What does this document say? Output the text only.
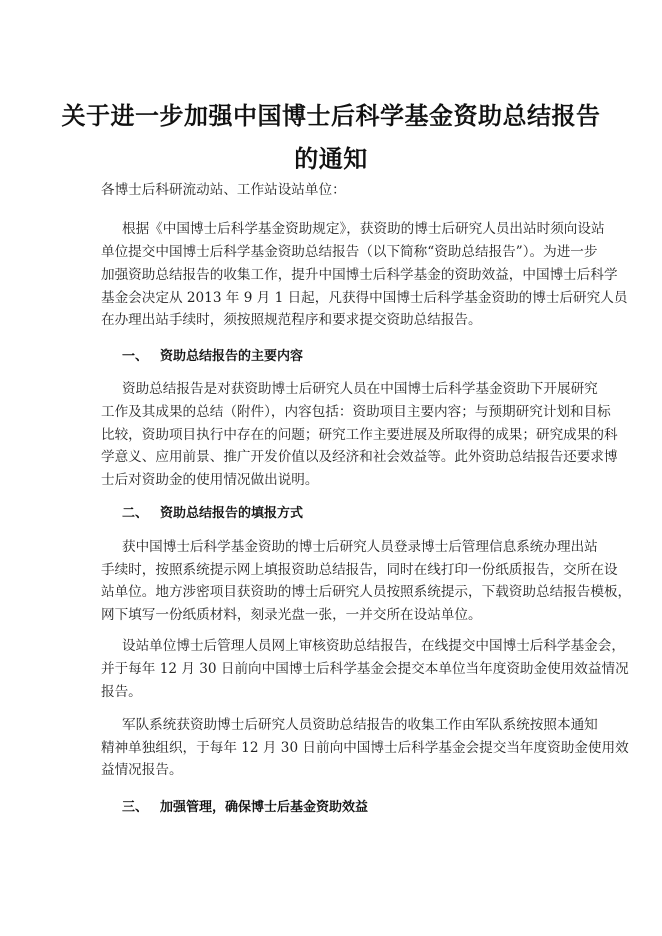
关于进一步加强中国博士后科学基金资助总结报告
的通知
各博士后科研流动站、工作站设站单位：
根据《中国博士后科学基金资助规定》，获资助的博士后研究人员出站时须向设站
单位提交中国博士后科学基金资助总结报告（以下简称“资助总结报告”）。为进一步
加强资助总结报告的收集工作，提升中国博士后科学基金的资助效益，中国博士后科学
基金会决定从 2013 年 9 月 1 日起，凡获得中国博士后科学基金资助的博士后研究人员
在办理出站手续时，须按照规范程序和要求提交资助总结报告。
一、 资助总结报告的主要内容
资助总结报告是对获资助博士后研究人员在中国博士后科学基金资助下开展研究
工作及其成果的总结（附件），内容包括：资助项目主要内容；与预期研究计划和目标
比较，资助项目执行中存在的问题；研究工作主要进展及所取得的成果；研究成果的科
学意义、应用前景、推广开发价值以及经济和社会效益等。此外资助总结报告还要求博
士后对资助金的使用情况做出说明。
二、 资助总结报告的填报方式
获中国博士后科学基金资助的博士后研究人员登录博士后管理信息系统办理出站
手续时，按照系统提示网上填报资助总结报告，同时在线打印一份纸质报告，交所在设
站单位。地方涉密项目获资助的博士后研究人员按照系统提示，下载资助总结报告模板，
网下填写一份纸质材料，刻录光盘一张，一并交所在设站单位。
设站单位博士后管理人员网上审核资助总结报告，在线提交中国博士后科学基金会，
并于每年 12 月 30 日前向中国博士后科学基金会提交本单位当年度资助金使用效益情况
报告。
军队系统获资助博士后研究人员资助总结报告的收集工作由军队系统按照本通知
精神单独组织，于每年 12 月 30 日前向中国博士后科学基金会提交当年度资助金使用效
益情况报告。
三、 加强管理，确保博士后基金资助效益
